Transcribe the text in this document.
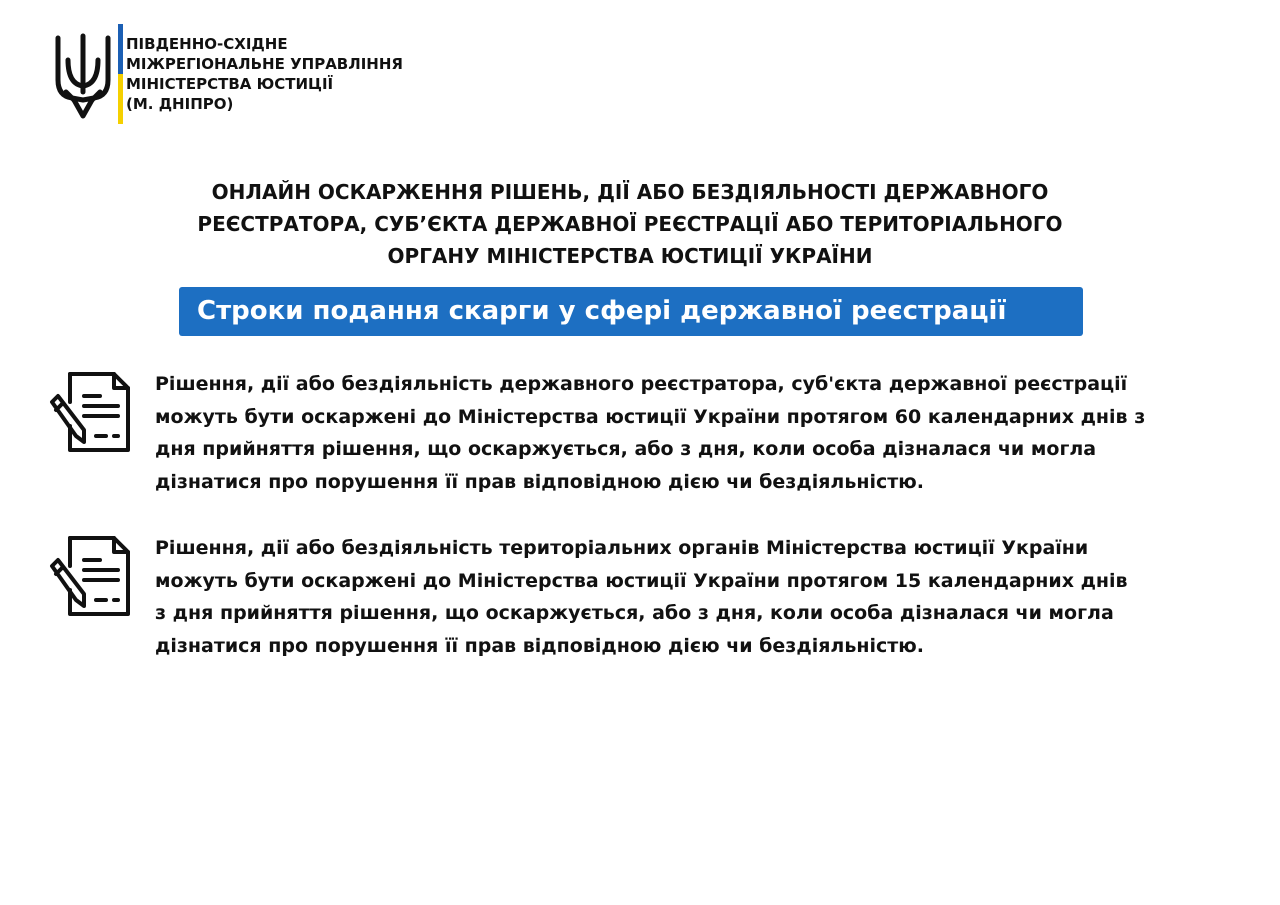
ПІВДЕННО-СХІДНЕ
МІЖРЕГІОНАЛЬНЕ УПРАВЛІННЯ
МІНІСТЕРСТВА ЮСТИЦІЇ
(М. ДНІПРО)
ОНЛАЙН ОСКАРЖЕННЯ РІШЕНЬ, ДІЇ АБО БЕЗДІЯЛЬНОСТІ ДЕРЖАВНОГО
РЕЄСТРАТОРА, СУБ’ЄКТА ДЕРЖАВНОЇ РЕЄСТРАЦІЇ АБО ТЕРИТОРІАЛЬНОГО
ОРГАНУ МІНІСТЕРСТВА ЮСТИЦІЇ УКРАЇНИ
Строки подання скарги у сфері державної реєстрації

Рішення, дії або бездіяльність державного реєстратора, суб'єкта державної реєстрації
можуть бути оскаржені до Міністерства юстиції України протягом 60 календарних днів з
дня прийняття рішення, що оскаржується, або з дня, коли особа дізналася чи могла
дізнатися про порушення її прав відповідною дією чи бездіяльністю.

Рішення, дії або бездіяльність територіальних органів Міністерства юстиції України
можуть бути оскаржені до Міністерства юстиції України протягом 15 календарних днів
з дня прийняття рішення, що оскаржується, або з дня, коли особа дізналася чи могла
дізнатися про порушення її прав відповідною дією чи бездіяльністю.
